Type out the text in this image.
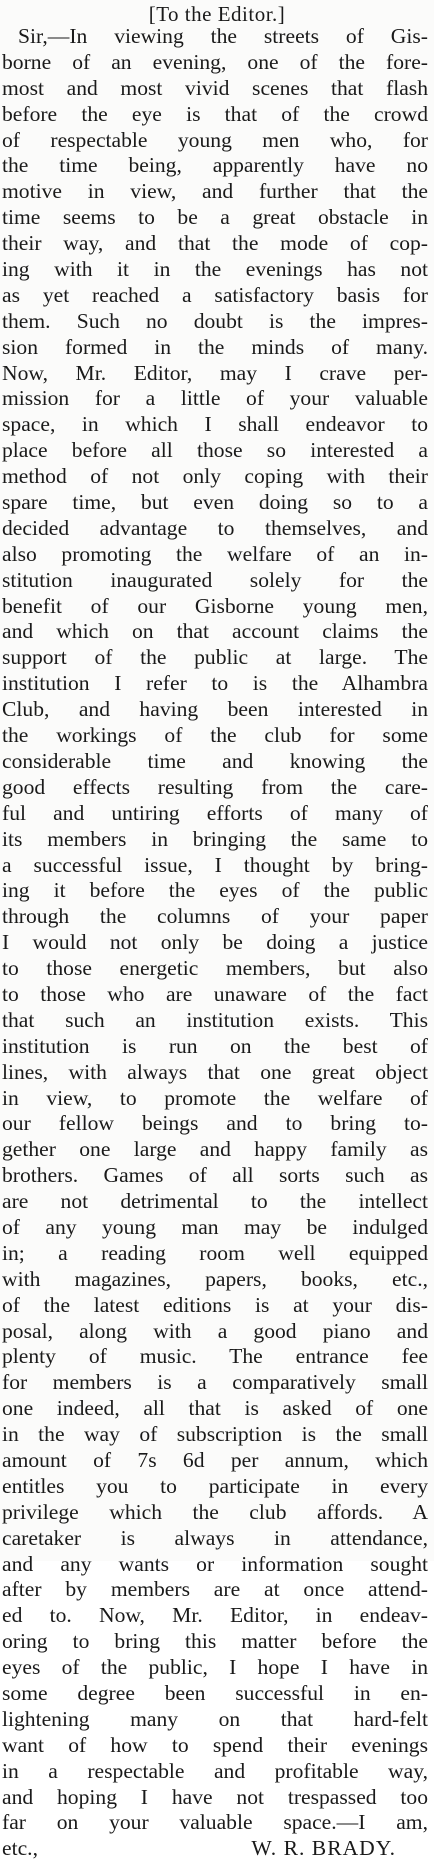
[To the Editor.]
Sir,—In viewing the streets of Gis-
borne of an evening, one of the fore-
most and most vivid scenes that flash
before the eye is that of the crowd
of respectable young men who, for
the time being, apparently have no
motive in view, and further that the
time seems to be a great obstacle in
their way, and that the mode of cop-
ing with it in the evenings has not
as yet reached a satisfactory basis for
them. Such no doubt is the impres-
sion formed in the minds of many.
Now, Mr. Editor, may I crave per-
mission for a little of your valuable
space, in which I shall endeavor to
place before all those so interested a
method of not only coping with their
spare time, but even doing so to a
decided advantage to themselves, and
also promoting the welfare of an in-
stitution inaugurated solely for the
benefit of our Gisborne young men,
and which on that account claims the
support of the public at large. The
institution I refer to is the Alhambra
Club, and having been interested in
the workings of the club for some
considerable time and knowing the
good effects resulting from the care-
ful and untiring efforts of many of
its members in bringing the same to
a successful issue, I thought by bring-
ing it before the eyes of the public
through the columns of your paper
I would not only be doing a justice
to those energetic members, but also
to those who are unaware of the fact
that such an institution exists. This
institution is run on the best of
lines, with always that one great object
in view, to promote the welfare of
our fellow beings and to bring to-
gether one large and happy family as
brothers. Games of all sorts such as
are not detrimental to the intellect
of any young man may be indulged
in; a reading room well equipped
with magazines, papers, books, etc.,
of the latest editions is at your dis-
posal, along with a good piano and
plenty of music. The entrance fee
for members is a comparatively small
one indeed, all that is asked of one
in the way of subscription is the small
amount of 7s 6d per annum, which
entitles you to participate in every
privilege which the club affords. A
caretaker is always in attendance,
and any wants or information sought
after by members are at once attend-
ed to. Now, Mr. Editor, in endeav-
oring to bring this matter before the
eyes of the public, I hope I have in
some degree been successful in en-
lightening many on that hard-felt
want of how to spend their evenings
in a respectable and profitable way,
and hoping I have not trespassed too
far on your valuable space.—I am,
etc.,	W. R. BRADY.
